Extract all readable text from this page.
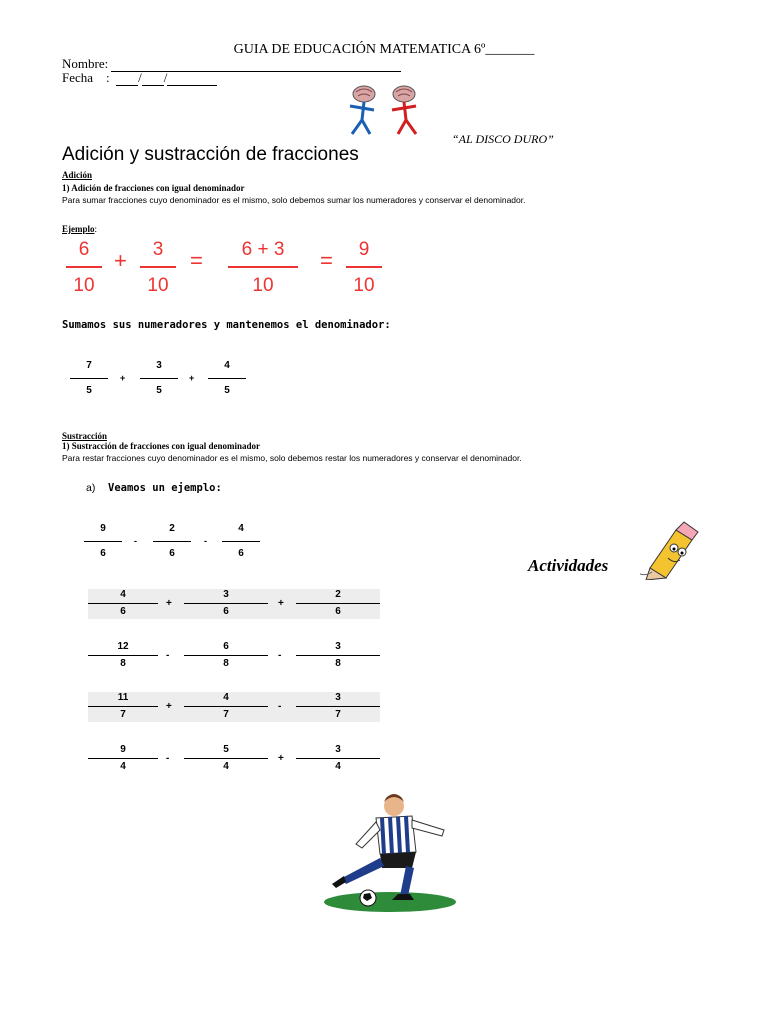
GUIA DE EDUCACIÓN MATEMATICA 6º_______
Nombre:
Fecha    :  / /
“AL DISCO DURO”
Adición y sustracción de fracciones
Adición
1) Adición de fracciones con igual denominador
Para sumar fracciones cuyo denominador es el mismo, solo debemos sumar los numeradores y conservar el denominador.
Ejemplo:
6
10
+	3
10
=	6 + 3
10
=	9
10
Sumamos sus numeradores y mantenemos el denominador:
7
5
+
3
5
+
4
5
Sustracción
1) Sustracción de fracciones con igual denominador
Para restar fracciones cuyo denominador es el mismo, solo debemos restar los numeradores y conservar el denominador.
a) Veamos un ejemplo:
9
6
-
2
6
-
4
6
Actividades
4
6
+
3
6
+
2
6
12
8
-
6
8
-
3
8
11
7
+
4
7
-
3
7
9
4
-
5
4
+
3
4
